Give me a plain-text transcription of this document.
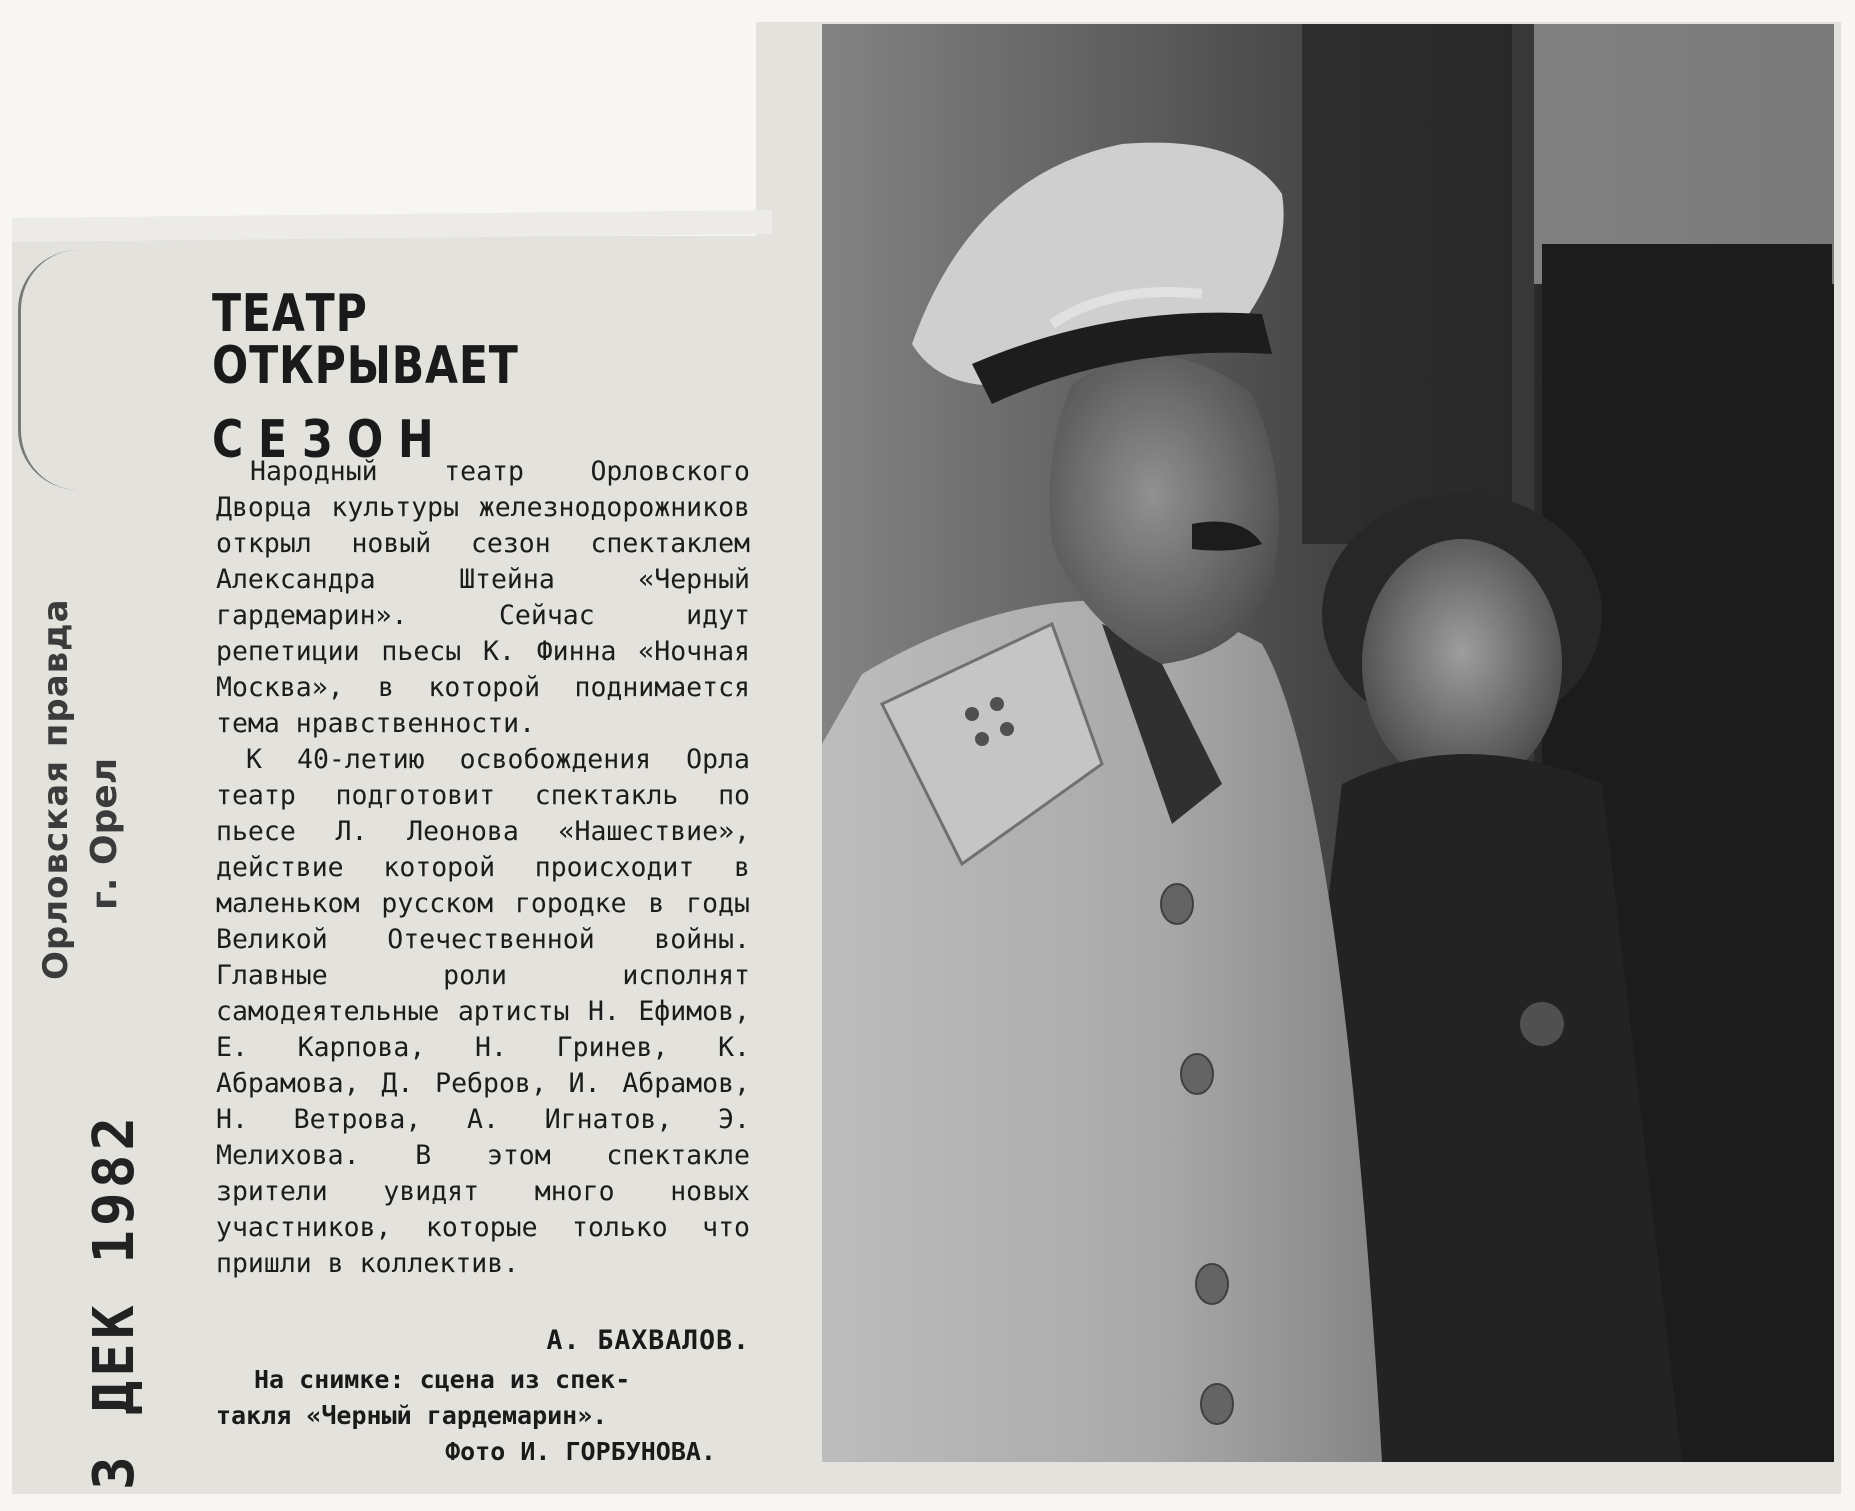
Орловская правда г. Орел
3 ДЕК 1982
ТЕАТР ОТКРЫВАЕТ
СЕЗОН

Народный театр Орловского Дворца культуры железнодорожников открыл новый сезон спектаклем Александра Штейна «Черный гардемарин». Сейчас идут репетиции пьесы К. Финна «Ночная Москва», в которой поднимается тема нравственности.

К 40-летию освобождения Орла театр подготовит спектакль по пьесе Л. Леонова «Нашествие», действие которой происходит в маленьком русском городке в годы Великой Отечественной войны. Главные роли исполнят самодеятельные артисты Н. Ефимов, Е. Карпова, Н. Гринев, К. Абрамова, Д. Ребров, И. Абрамов, Н. Ветрова, А. Игнатов, Э. Мелихова. В этом спектакле зрители увидят много новых участников, которые только что пришли в коллектив.

А. БАХВАЛОВ.
На снимке: сцена из спек-
такля «Черный гардемарин».
Фото И. ГОРБУНОВА.
